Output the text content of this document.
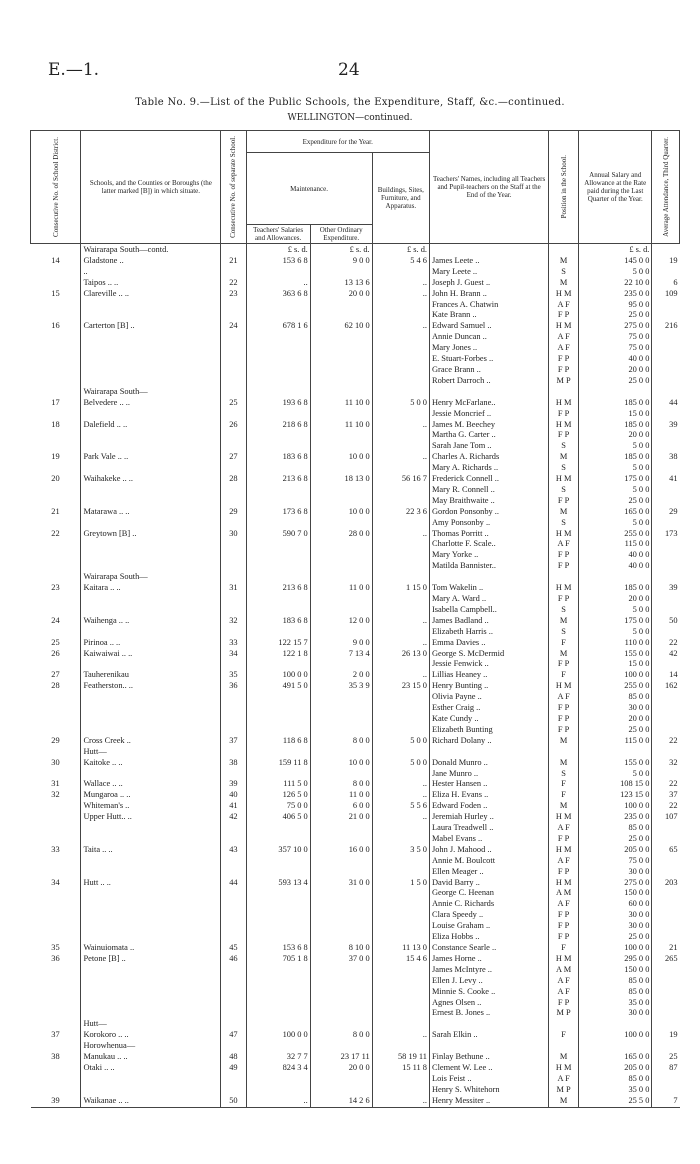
E.—1.	24
Table No. 9.—List of the Public Schools, the Expenditure, Staff, &c.—continued.
WELLINGTON—continued.
Consecutive No. of School District.	Schools, and the Counties or Boroughs (the latter marked [B]) in which situate.	Consecutive No. of separate School.	Expenditure for the Year.			Teachers' Names, including all Teachers and Pupil-teachers on the Staff at the End of the Year.	Position in the School.	Annual Salary and Allowance at the Rate paid during the Last Quarter of the Year.	Average Attendance, Third Quarter.

			Maintenance.		Buildings, Sites, Furniture, and Apparatus.				
			Teachers' Salaries and Allowances.	Other Ordinary Expenditure.					
	Wairarapa South—contd.		£ s. d.	£ s. d.	£ s. d.			£ s. d.	
14	Gladstone ..	21	153 6 8	9 0 0	5 4 6	James Leete ..	M	145 0 0	19
	..					Mary Leete ..	S	5 0 0	
	Taipos .. ..	22	..	13 13 6	..	Joseph J. Guest ..	M	22 10 0	6
15	Clareville .. ..	23	363 6 8	20 0 0	..	John H. Brann ..	H M	235 0 0	109
						Frances A. Chatwin	A F	95 0 0	
						Kate Brann ..	F P	25 0 0	
16	Carterton [B] ..	24	678 1 6	62 10 0	..	Edward Samuel ..	H M	275 0 0	216
						Annie Duncan ..	A F	75 0 0	
						Mary Jones ..	A F	75 0 0	
						E. Stuart-Forbes ..	F P	40 0 0	
						Grace Brann ..	F P	20 0 0	
						Robert Darroch ..	M P	25 0 0	
	Wairarapa South—								
17	Belvedere .. ..	25	193 6 8	11 10 0	5 0 0	Henry McFarlane..	H M	185 0 0	44
						Jessie Moncrief ..	F P	15 0 0	
18	Dalefield .. ..	26	218 6 8	11 10 0	..	James M. Beechey	H M	185 0 0	39
						Martha G. Carter ..	F P	20 0 0	
						Sarah Jane Tom ..	S	5 0 0	
19	Park Vale .. ..	27	183 6 8	10 0 0	..	Charles A. Richards	M	185 0 0	38
						Mary A. Richards ..	S	5 0 0	
20	Waihakeke .. ..	28	213 6 8	18 13 0	56 16 7	Frederick Connell ..	H M	175 0 0	41
						Mary R. Connell ..	S	5 0 0	
						May Braithwaite ..	F P	25 0 0	
21	Matarawa .. ..	29	173 6 8	10 0 0	22 3 6	Gordon Ponsonby ..	M	165 0 0	29
						Amy Ponsonby ..	S	5 0 0	
22	Greytown [B] ..	30	590 7 0	28 0 0	..	Thomas Porritt ..	H M	255 0 0	173
						Charlotte F. Scale..	A F	115 0 0	
						Mary Yorke ..	F P	40 0 0	
						Matilda Bannister..	F P	40 0 0	
	Wairarapa South—								
23	Kaitara .. ..	31	213 6 8	11 0 0	1 15 0	Tom Wakelin ..	H M	185 0 0	39
						Mary A. Ward ..	F P	20 0 0	
						Isabella Campbell..	S	5 0 0	
24	Waihenga .. ..	32	183 6 8	12 0 0	..	James Badland ..	M	175 0 0	50
						Elizabeth Harris ..	S	5 0 0	
25	Pirinoa .. ..	33	122 15 7	9 0 0	..	Emma Davies ..	F	110 0 0	22
26	Kaiwaiwai .. ..	34	122 1 8	7 13 4	26 13 0	George S. McDermid	M	155 0 0	42
						Jessie Fenwick ..	F P	15 0 0	
27	Tauherenikau	35	100 0 0	2 0 0	..	Lillias Heaney ..	F	100 0 0	14
28	Featherston.. ..	36	491 5 0	35 3 9	23 15 0	Henry Bunting ..	H M	255 0 0	162
						Olivia Payne ..	A F	85 0 0	
						Esther Craig ..	F P	30 0 0	
						Kate Cundy ..	F P	20 0 0	
						Elizabeth Bunting	F P	25 0 0	
29	Cross Creek ..	37	118 6 8	8 0 0	5 0 0	Richard Dolany ..	M	115 0 0	22
	Hutt—								
30	Kaitoke .. ..	38	159 11 8	10 0 0	5 0 0	Donald Munro ..	M	155 0 0	32
						Jane Munro ..	S	5 0 0	
31	Wallace .. ..	39	111 5 0	8 0 0	..	Hester Hansen ..	F	108 15 0	22
32	Mungaroa .. ..	40	126 5 0	11 0 0	..	Eliza H. Evans ..	F	123 15 0	37
	Whiteman's ..	41	75 0 0	6 0 0	5 5 6	Edward Foden ..	M	100 0 0	22
	Upper Hutt.. ..	42	406 5 0	21 0 0	..	Jeremiah Hurley ..	H M	235 0 0	107
						Laura Treadwell ..	A F	85 0 0	
						Mabel Evans ..	F P	25 0 0	
33	Taita .. ..	43	357 10 0	16 0 0	3 5 0	John J. Mahood ..	H M	205 0 0	65
						Annie M. Boulcott	A F	75 0 0	
						Ellen Meager ..	F P	30 0 0	
34	Hutt .. ..	44	593 13 4	31 0 0	1 5 0	David Barry ..	H M	275 0 0	203
						George C. Heenan	A M	150 0 0	
						Annie C. Richards	A F	60 0 0	
						Clara Speedy ..	F P	30 0 0	
						Louise Graham ..	F P	30 0 0	
						Eliza Hobbs ..	F P	25 0 0	
35	Wainuiomata ..	45	153 6 8	8 10 0	11 13 0	Constance Searle ..	F	100 0 0	21
36	Petone [B] ..	46	705 1 8	37 0 0	15 4 6	James Horne ..	H M	295 0 0	265
						James McIntyre ..	A M	150 0 0	
						Ellen J. Levy ..	A F	85 0 0	
						Minnie S. Cooke ..	A F	85 0 0	
						Agnes Olsen ..	F P	35 0 0	
						Ernest B. Jones ..	M P	30 0 0	
	Hutt—								
37	Korokoro .. ..	47	100 0 0	8 0 0	..	Sarah Elkin ..	F	100 0 0	19
	Horowhenua—								
38	Manukau .. ..	48	32 7 7	23 17 11	58 19 11	Finlay Bethune ..	M	165 0 0	25
	Otaki .. ..	49	824 3 4	20 0 0	15 11 8	Clement W. Lee ..	H M	205 0 0	87
						Lois Feist ..	A F	85 0 0	
						Henry S. Whitehorn	M P	35 0 0	
39	Waikanae .. ..	50	..	14 2 6	..	Henry Messiter ..	M	25 5 0	7
